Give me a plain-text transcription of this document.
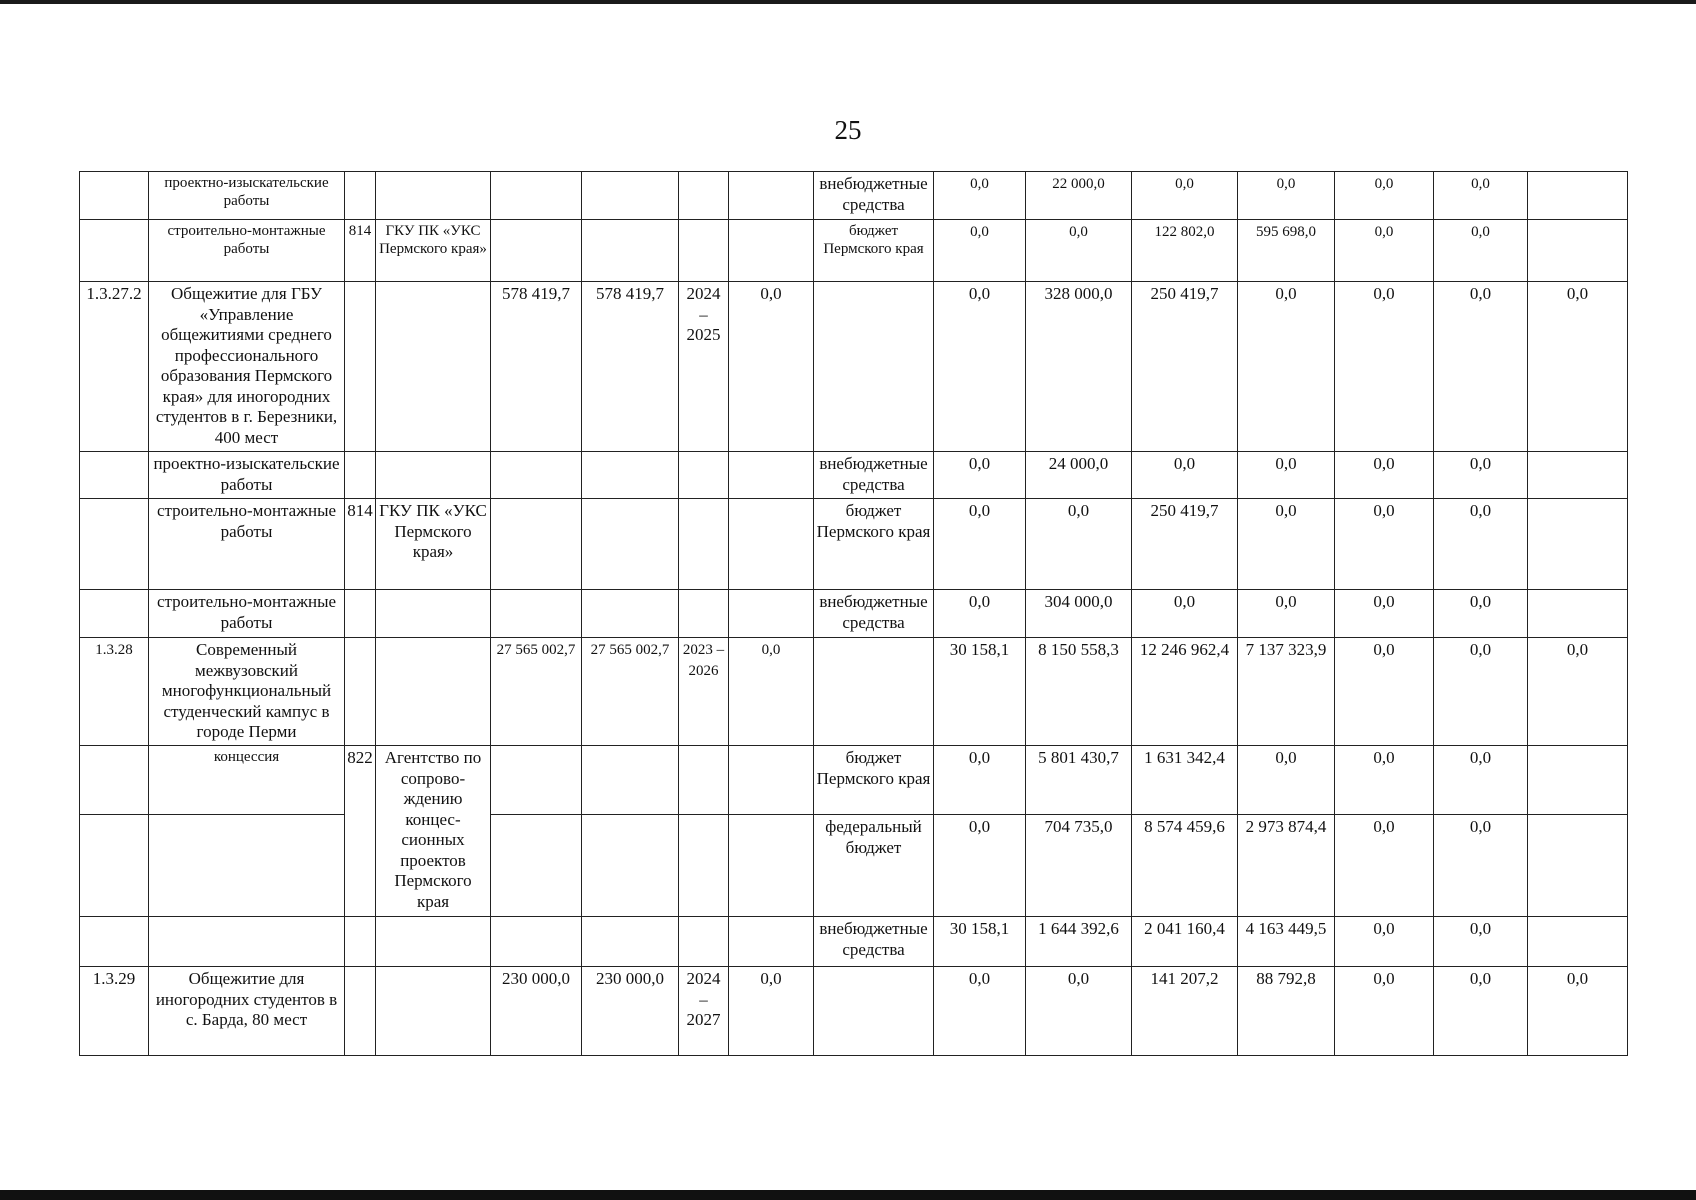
25
	проектно-изыскательские работы							внебюджетные средства	0,0	22 000,0	0,0	0,0	0,0	0,0	
	строительно-монтажные работы	814	ГКУ ПК «УКС Пермского края»					бюджет Пермского края	0,0	0,0	122 802,0	595 698,0	0,0	0,0	
1.3.27.2	Общежитие для ГБУ «Управление общежитиями среднего профессионального образования Пермского края» для иногородних студентов в г. Березники, 400 мест			578 419,7	578 419,7	2024 – 2025	0,0		0,0	328 000,0	250 419,7	0,0	0,0	0,0	0,0
	проектно-изыскательские работы							внебюджетные средства	0,0	24 000,0	0,0	0,0	0,0	0,0	
	строительно-монтажные работы	814	ГКУ ПК «УКС Пермского края»					бюджет Пермского края	0,0	0,0	250 419,7	0,0	0,0	0,0	
	строительно-монтажные работы							внебюджетные средства	0,0	304 000,0	0,0	0,0	0,0	0,0	
1.3.28	Современный межвузовский многофункциональный студенческий кампус в городе Перми			27 565 002,7	27 565 002,7	2023 – 2026	0,0		30 158,1	8 150 558,3	12 246 962,4	7 137 323,9	0,0	0,0	0,0
	концессия	822	Агентство по сопрово-ждению концес-сионных проектов Пермского края					бюджет Пермского края	0,0	5 801 430,7	1 631 342,4	0,0	0,0	0,0	
								федеральный бюджет	0,0	704 735,0	8 574 459,6	2 973 874,4	0,0	0,0	
								внебюджетные средства	30 158,1	1 644 392,6	2 041 160,4	4 163 449,5	0,0	0,0	
1.3.29	Общежитие для иногородних студентов в с. Барда, 80 мест			230 000,0	230 000,0	2024 – 2027	0,0		0,0	0,0	141 207,2	88 792,8	0,0	0,0	0,0
